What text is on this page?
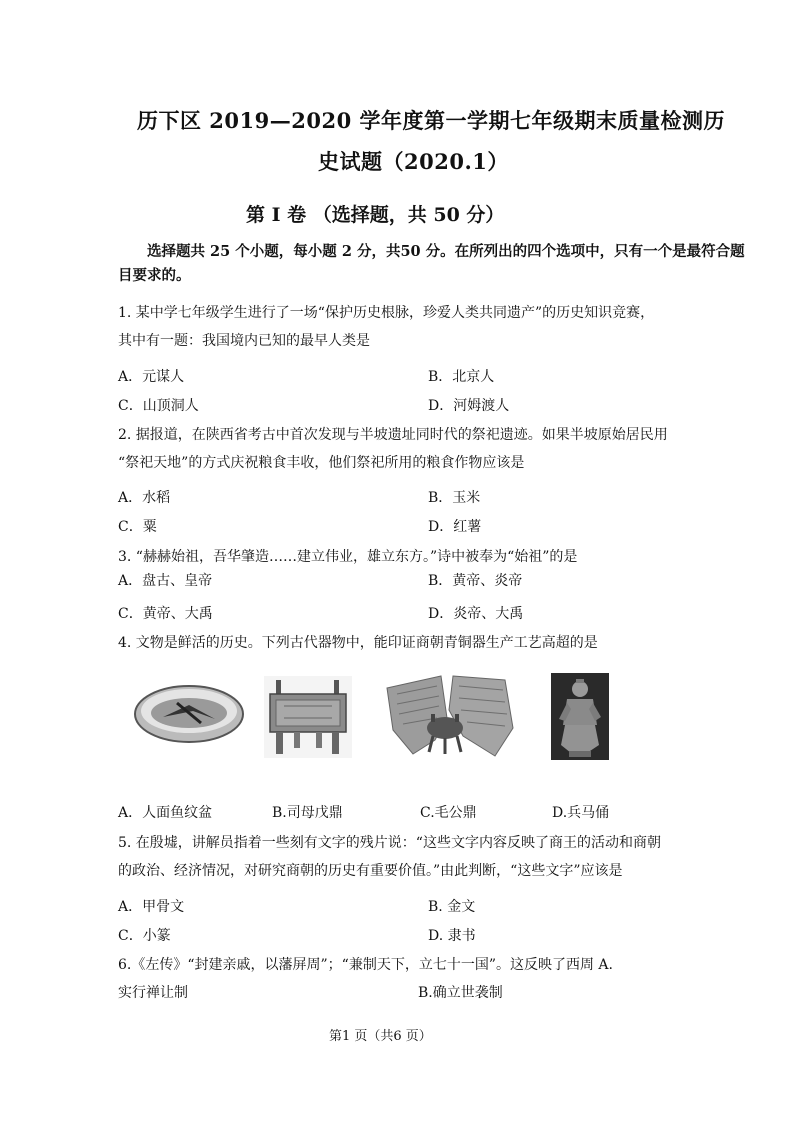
历下区 2019—2020 学年度第一学期七年级期末质量检测历
史试题（2020.1）
第 Ⅰ 卷 （选择题，共 50 分）
选择题共 25 个小题，每小题 2 分，共50 分。在所列出的四个选项中，只有一个是最符合题
目要求的。
1. 某中学七年级学生进行了一场“保护历史根脉，珍爱人类共同遗产”的历史知识竞赛，
其中有一题：我国境内已知的最早人类是
A．元谋人	B．北京人
C．山顶洞人	D．河姆渡人
2. 据报道，在陕西省考古中首次发现与半坡遗址同时代的祭祀遗迹。如果半坡原始居民用
“祭祀天地”的方式庆祝粮食丰收，他们祭祀所用的粮食作物应该是
A．水稻	B．玉米
C．粟	D．红薯
3. “赫赫始祖，吾华肇造……建立伟业，雄立东方。”诗中被奉为“始祖”的是
A．盘古、皇帝	B．黄帝、炎帝
C．黄帝、大禹	D．炎帝、大禹
4. 文物是鲜活的历史。下列古代器物中，能印证商朝青铜器生产工艺高超的是
A．人面鱼纹盆	B.司母戊鼎	C.毛公鼎	D.兵马俑
5. 在殷墟，讲解员指着一些刻有文字的残片说：“这些文字内容反映了商王的活动和商朝
的政治、经济情况，对研究商朝的历史有重要价值。”由此判断，“这些文字”应该是
A．甲骨文	B. 金文
C．小篆	D. 隶书
6.《左传》“封建亲戚，以藩屏周”；“兼制天下，立七十一国”。这反映了西周 A.
实行禅让制	B.确立世袭制
第1 页（共6 页）
